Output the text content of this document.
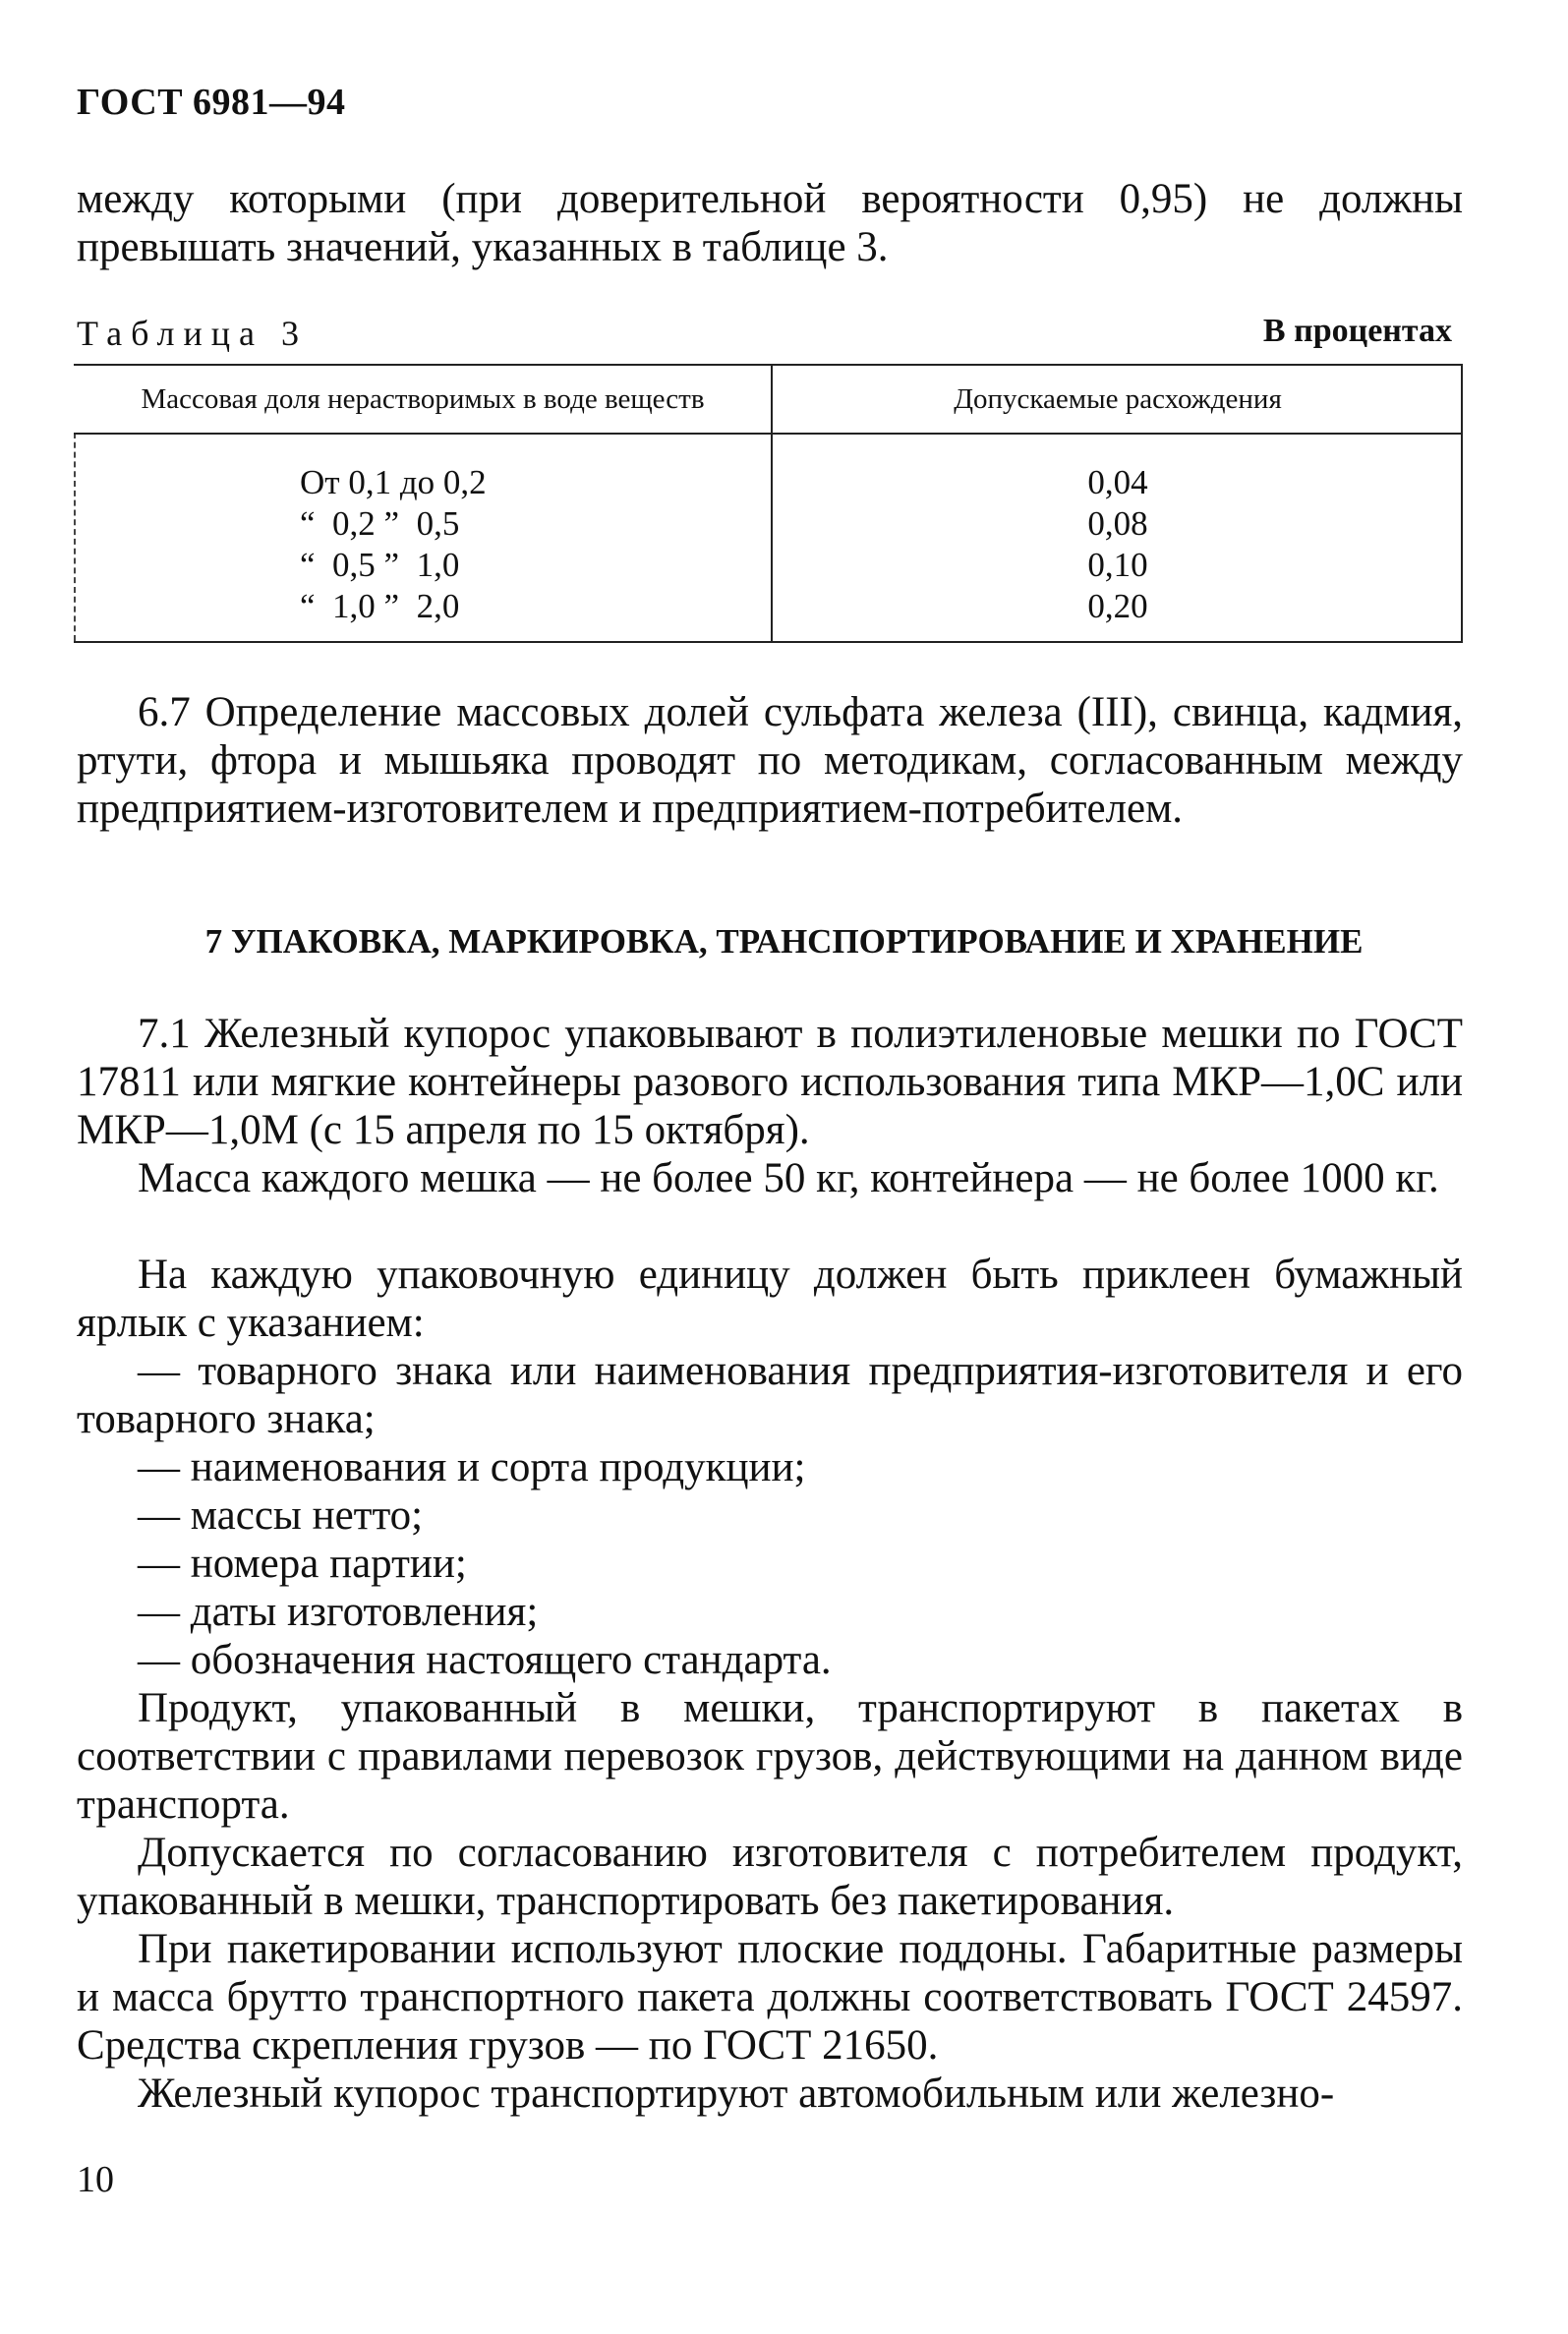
ГОСТ 6981—94
между которыми (при доверительной вероятности 0,95) не должны превышать значений, указанных в таблице 3.
Таблица 3	В процентах
Массовая доля нерастворимых в воде веществ	Допускаемые расхождения
От 0,1 до 0,2
“  0,2 ”  0,5
“  0,5 ”  1,0
“  1,0 ”  2,0
0,04
0,08
0,10
0,20
6.7 Определение массовых долей сульфата железа (III), свинца, кадмия, ртути, фтора и мышьяка проводят по методикам, согласованным между предприятием-изготовителем и предприятием-потребителем.
7 УПАКОВКА, МАРКИРОВКА, ТРАНСПОРТИРОВАНИЕ И ХРАНЕНИЕ
7.1 Железный купорос упаковывают в полиэтиленовые мешки по ГОСТ 17811 или мягкие контейнеры разового использования типа МКР—1,0С или МКР—1,0М (с 15 апреля по 15 октября).
Масса каждого мешка — не более 50 кг, контейнера — не более 1000 кг.
На каждую упаковочную единицу должен быть приклеен бумажный ярлык с указанием:
— товарного знака или наименования предприятия-изготовителя и его товарного знака;
— наименования и сорта продукции;
— массы нетто;
— номера партии;
— даты изготовления;
— обозначения настоящего стандарта.
Продукт, упакованный в мешки, транспортируют в пакетах в соответствии с правилами перевозок грузов, действующими на данном виде транспорта.
Допускается по согласованию изготовителя с потребителем продукт, упакованный в мешки, транспортировать без пакетирования.
При пакетировании используют плоские поддоны. Габаритные размеры и масса брутто транспортного пакета должны соответствовать ГОСТ 24597. Средства скрепления грузов — по ГОСТ 21650.
Железный купорос транспортируют автомобильным или железно-
10
